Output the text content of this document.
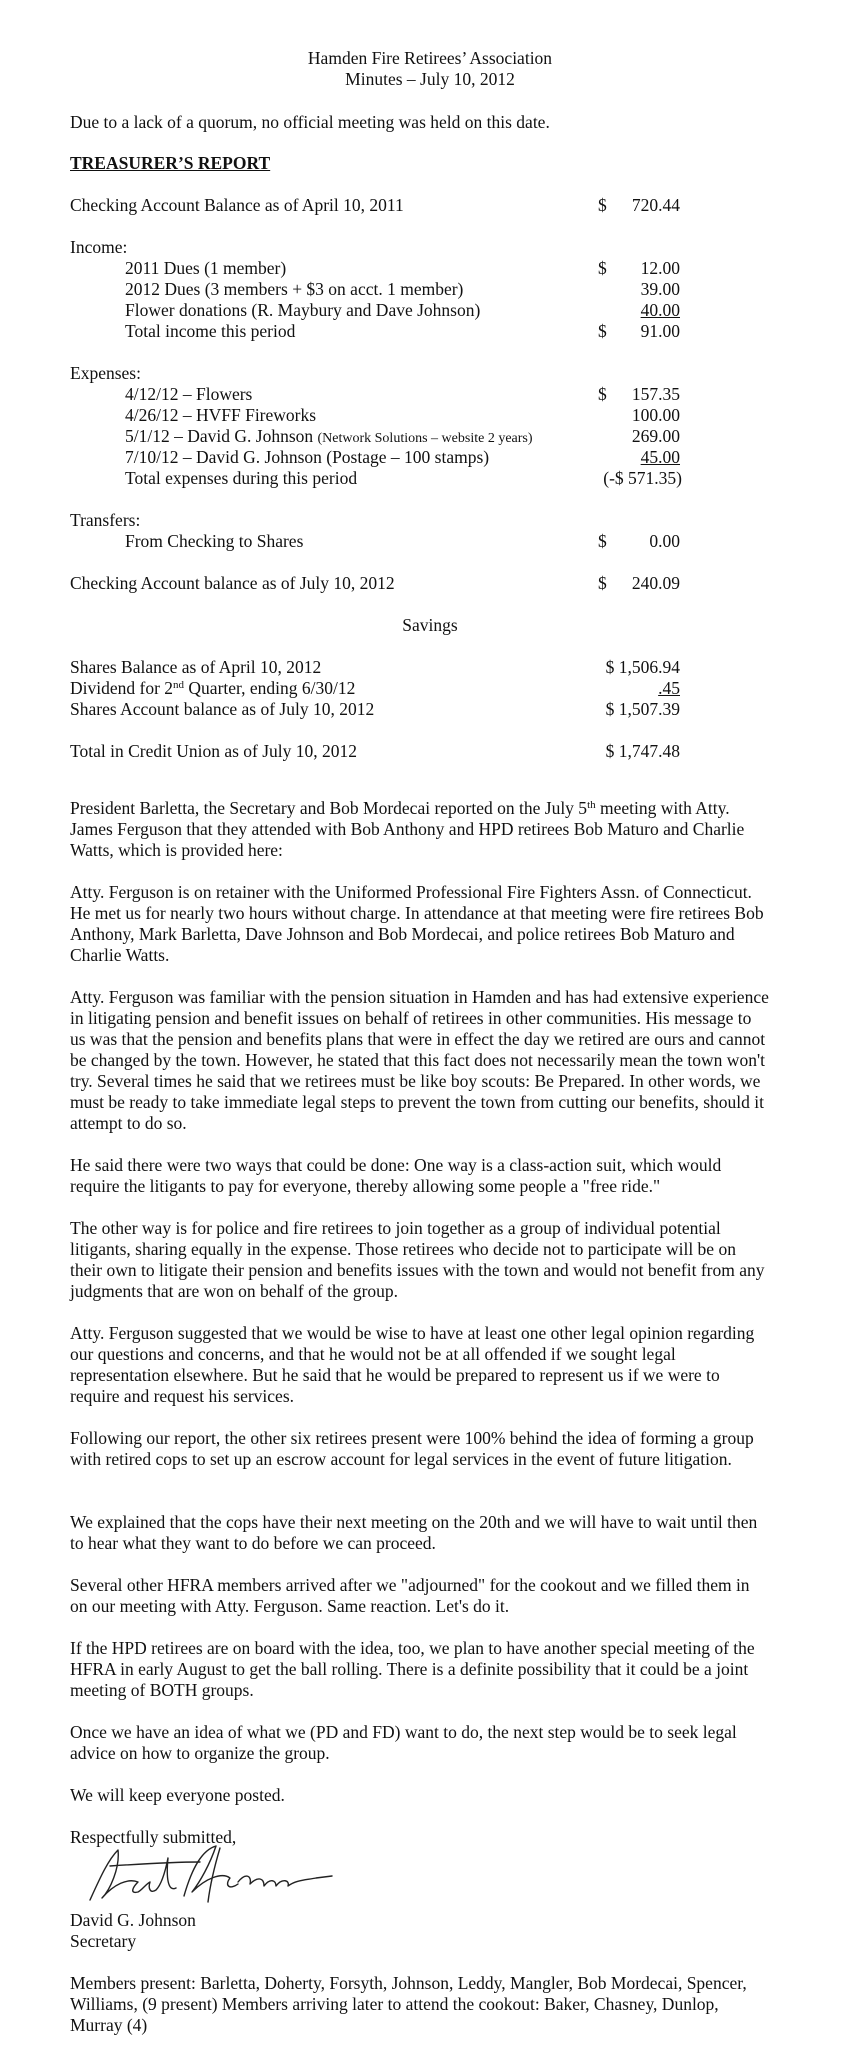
Hamden Fire Retirees’ Association
Minutes – July 10, 2012
Due to a lack of a quorum, no official meeting was held on this date.
TREASURER’S REPORT
Checking Account Balance as of April 10, 2011	$ 720.44
Income:
2011 Dues (1 member)	$ 12.00
2012 Dues (3 members + $3 on acct. 1 member)	39.00
Flower donations (R. Maybury and Dave Johnson)	40.00
Total income this period	$ 91.00
Expenses:
4/12/12 – Flowers	$ 157.35
4/26/12 – HVFF Fireworks	100.00
5/1/12 – David G. Johnson (Network Solutions – website 2 years)	269.00
7/10/12 – David G. Johnson (Postage – 100 stamps)	45.00
Total expenses during this period	(-$ 571.35)
Transfers:
From Checking to Shares	$ 0.00
Checking Account balance as of July 10, 2012	$ 240.09
Savings
Shares Balance as of April 10, 2012	$ 1,506.94
Dividend for 2nd Quarter, ending 6/30/12	.45
Shares Account balance as of July 10, 2012	$ 1,507.39
Total in Credit Union as of July 10, 2012	$ 1,747.48
President Barletta, the Secretary and Bob Mordecai reported on the July 5th meeting with Atty. James Ferguson that they attended with Bob Anthony and HPD retirees Bob Maturo and Charlie Watts, which is provided here:
Atty. Ferguson is on retainer with the Uniformed Professional Fire Fighters Assn. of Connecticut. He met us for nearly two hours without charge. In attendance at that meeting were fire retirees Bob Anthony, Mark Barletta, Dave Johnson and Bob Mordecai, and police retirees Bob Maturo and Charlie Watts.
Atty. Ferguson was familiar with the pension situation in Hamden and has had extensive experience in litigating pension and benefit issues on behalf of retirees in other communities. His message to us was that the pension and benefits plans that were in effect the day we retired are ours and cannot be changed by the town. However, he stated that this fact does not necessarily mean the town won't try. Several times he said that we retirees must be like boy scouts: Be Prepared. In other words, we must be ready to take immediate legal steps to prevent the town from cutting our benefits, should it attempt to do so.
He said there were two ways that could be done: One way is a class-action suit, which would require the litigants to pay for everyone, thereby allowing some people a "free ride."
The other way is for police and fire retirees to join together as a group of individual potential litigants, sharing equally in the expense. Those retirees who decide not to participate will be on their own to litigate their pension and benefits issues with the town and would not benefit from any judgments that are won on behalf of the group.
Atty. Ferguson suggested that we would be wise to have at least one other legal opinion regarding our questions and concerns, and that he would not be at all offended if we sought legal representation elsewhere. But he said that he would be prepared to represent us if we were to require and request his services.
Following our report, the other six retirees present were 100% behind the idea of forming a group with retired cops to set up an escrow account for legal services in the event of future litigation.
We explained that the cops have their next meeting on the 20th and we will have to wait until then to hear what they want to do before we can proceed.
Several other HFRA members arrived after we "adjourned" for the cookout and we filled them in on our meeting with Atty. Ferguson. Same reaction. Let's do it.
If the HPD retirees are on board with the idea, too, we plan to have another special meeting of the HFRA in early August to get the ball rolling. There is a definite possibility that it could be a joint meeting of BOTH groups.
Once we have an idea of what we (PD and FD) want to do, the next step would be to seek legal advice on how to organize the group.
We will keep everyone posted.
Respectfully submitted,
David G. Johnson
Secretary
Members present: Barletta, Doherty, Forsyth, Johnson, Leddy, Mangler, Bob Mordecai, Spencer, Williams, (9 present) Members arriving later to attend the cookout: Baker, Chasney, Dunlop, Murray (4)
